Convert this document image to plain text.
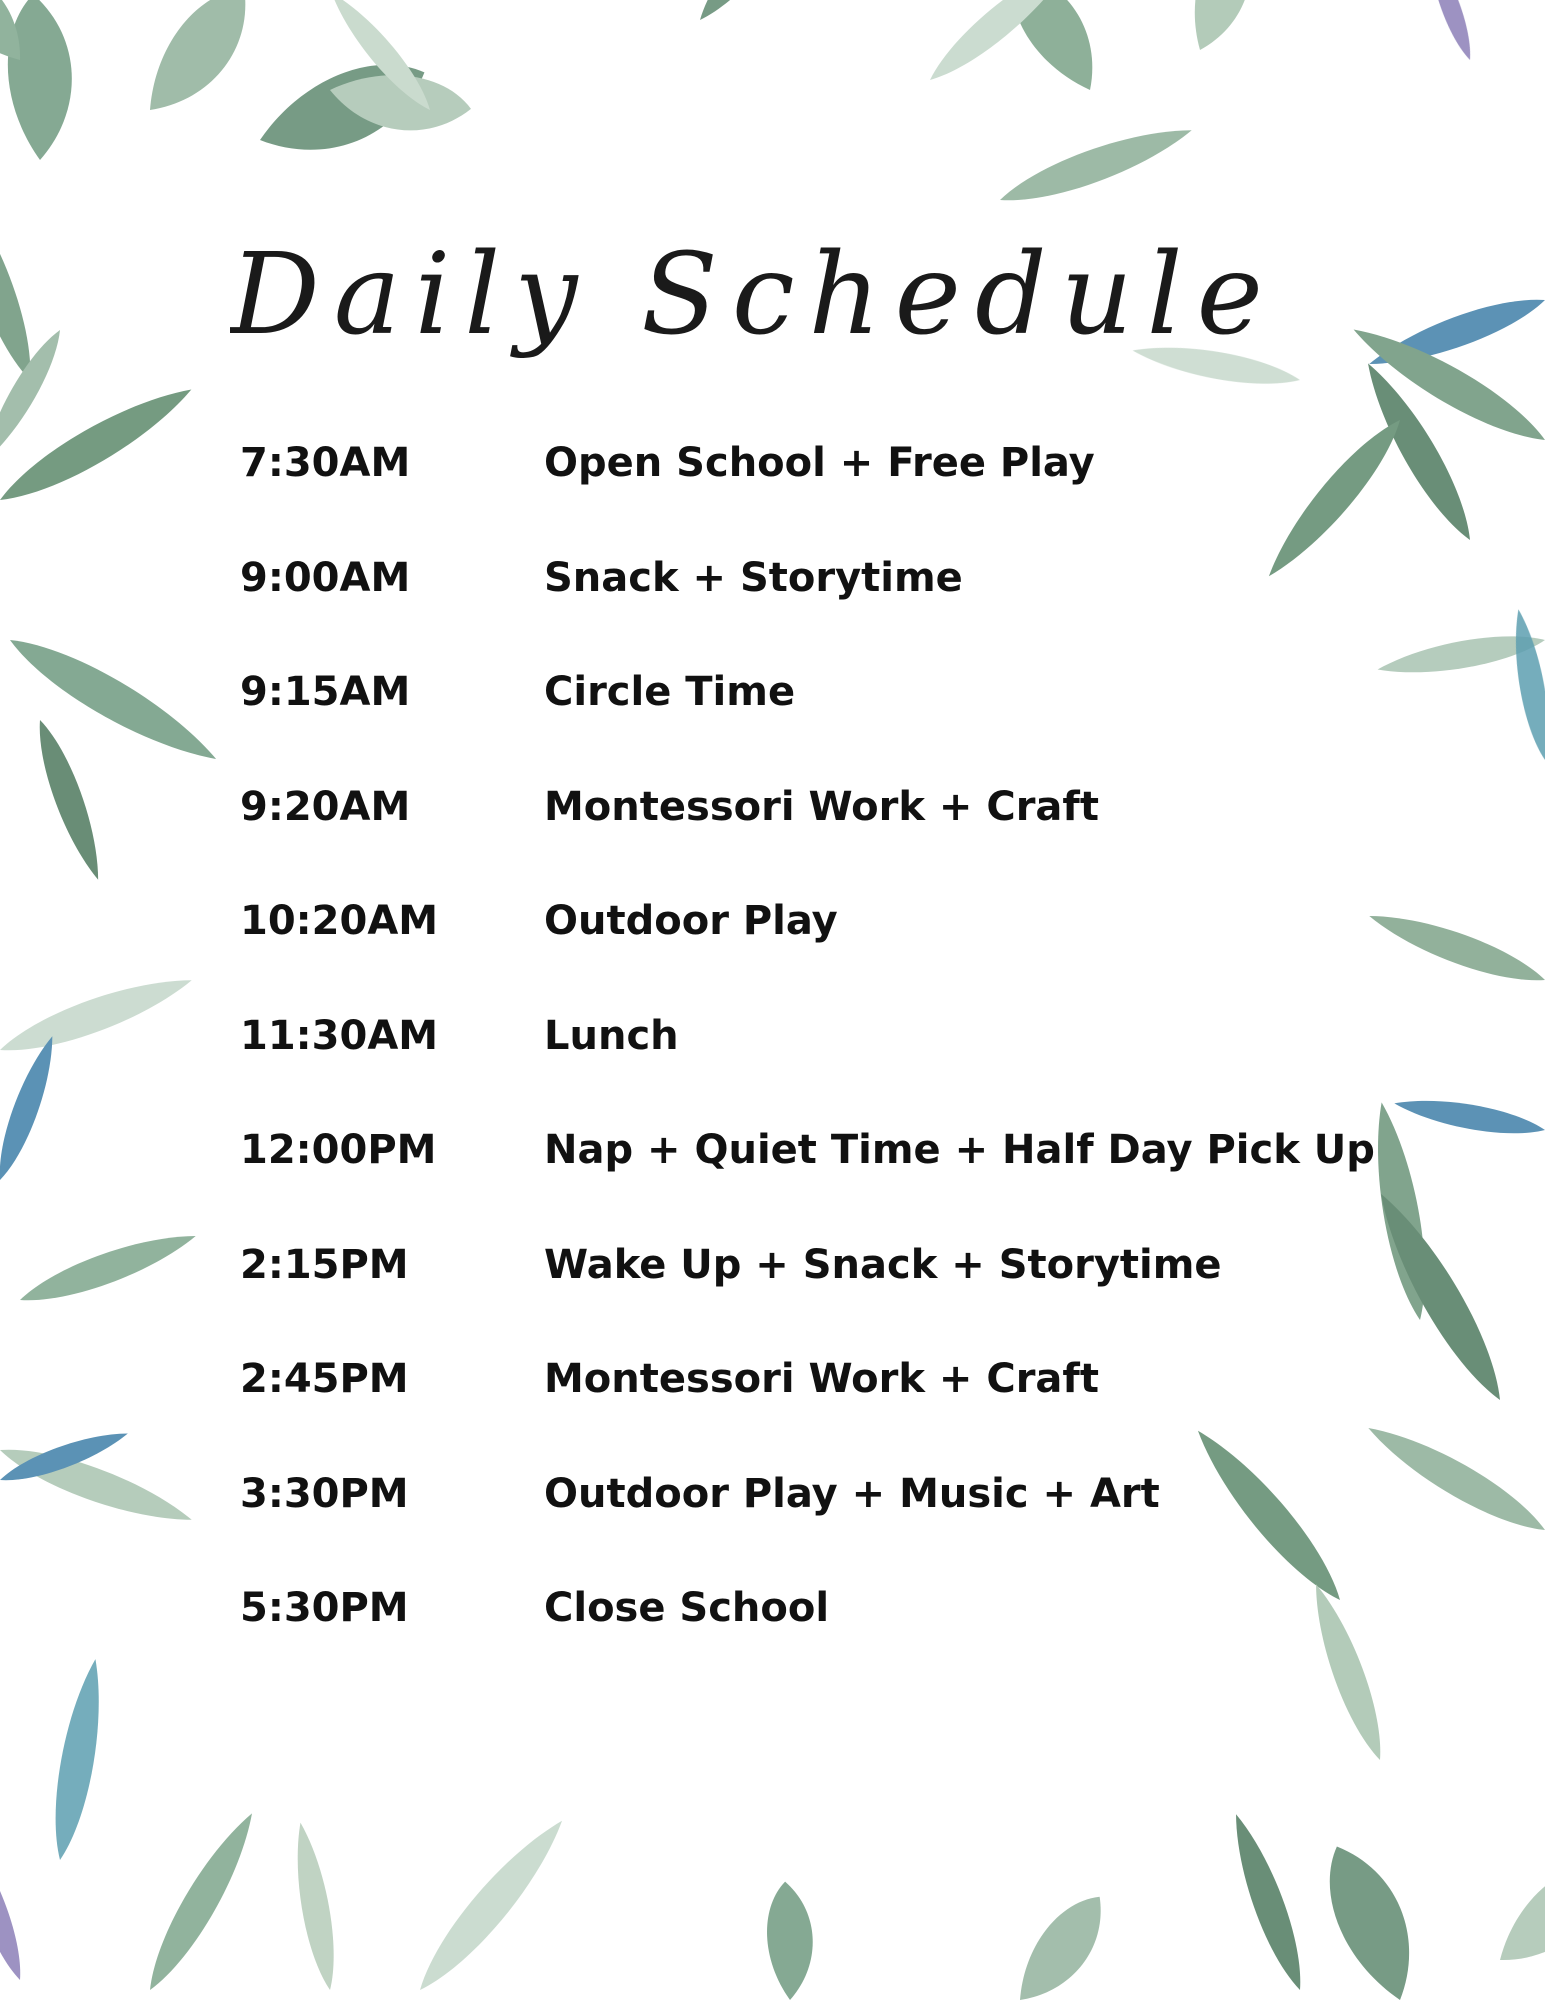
Daily Schedule
7:30AM	Open School + Free Play
9:00AM	Snack + Storytime
9:15AM	Circle Time
9:20AM	Montessori Work + Craft
10:20AM	Outdoor Play
11:30AM	Lunch
12:00PM	Nap + Quiet Time + Half Day Pick Up
2:15PM	Wake Up + Snack + Storytime
2:45PM	Montessori Work + Craft
3:30PM	Outdoor Play + Music + Art
5:30PM	Close School
